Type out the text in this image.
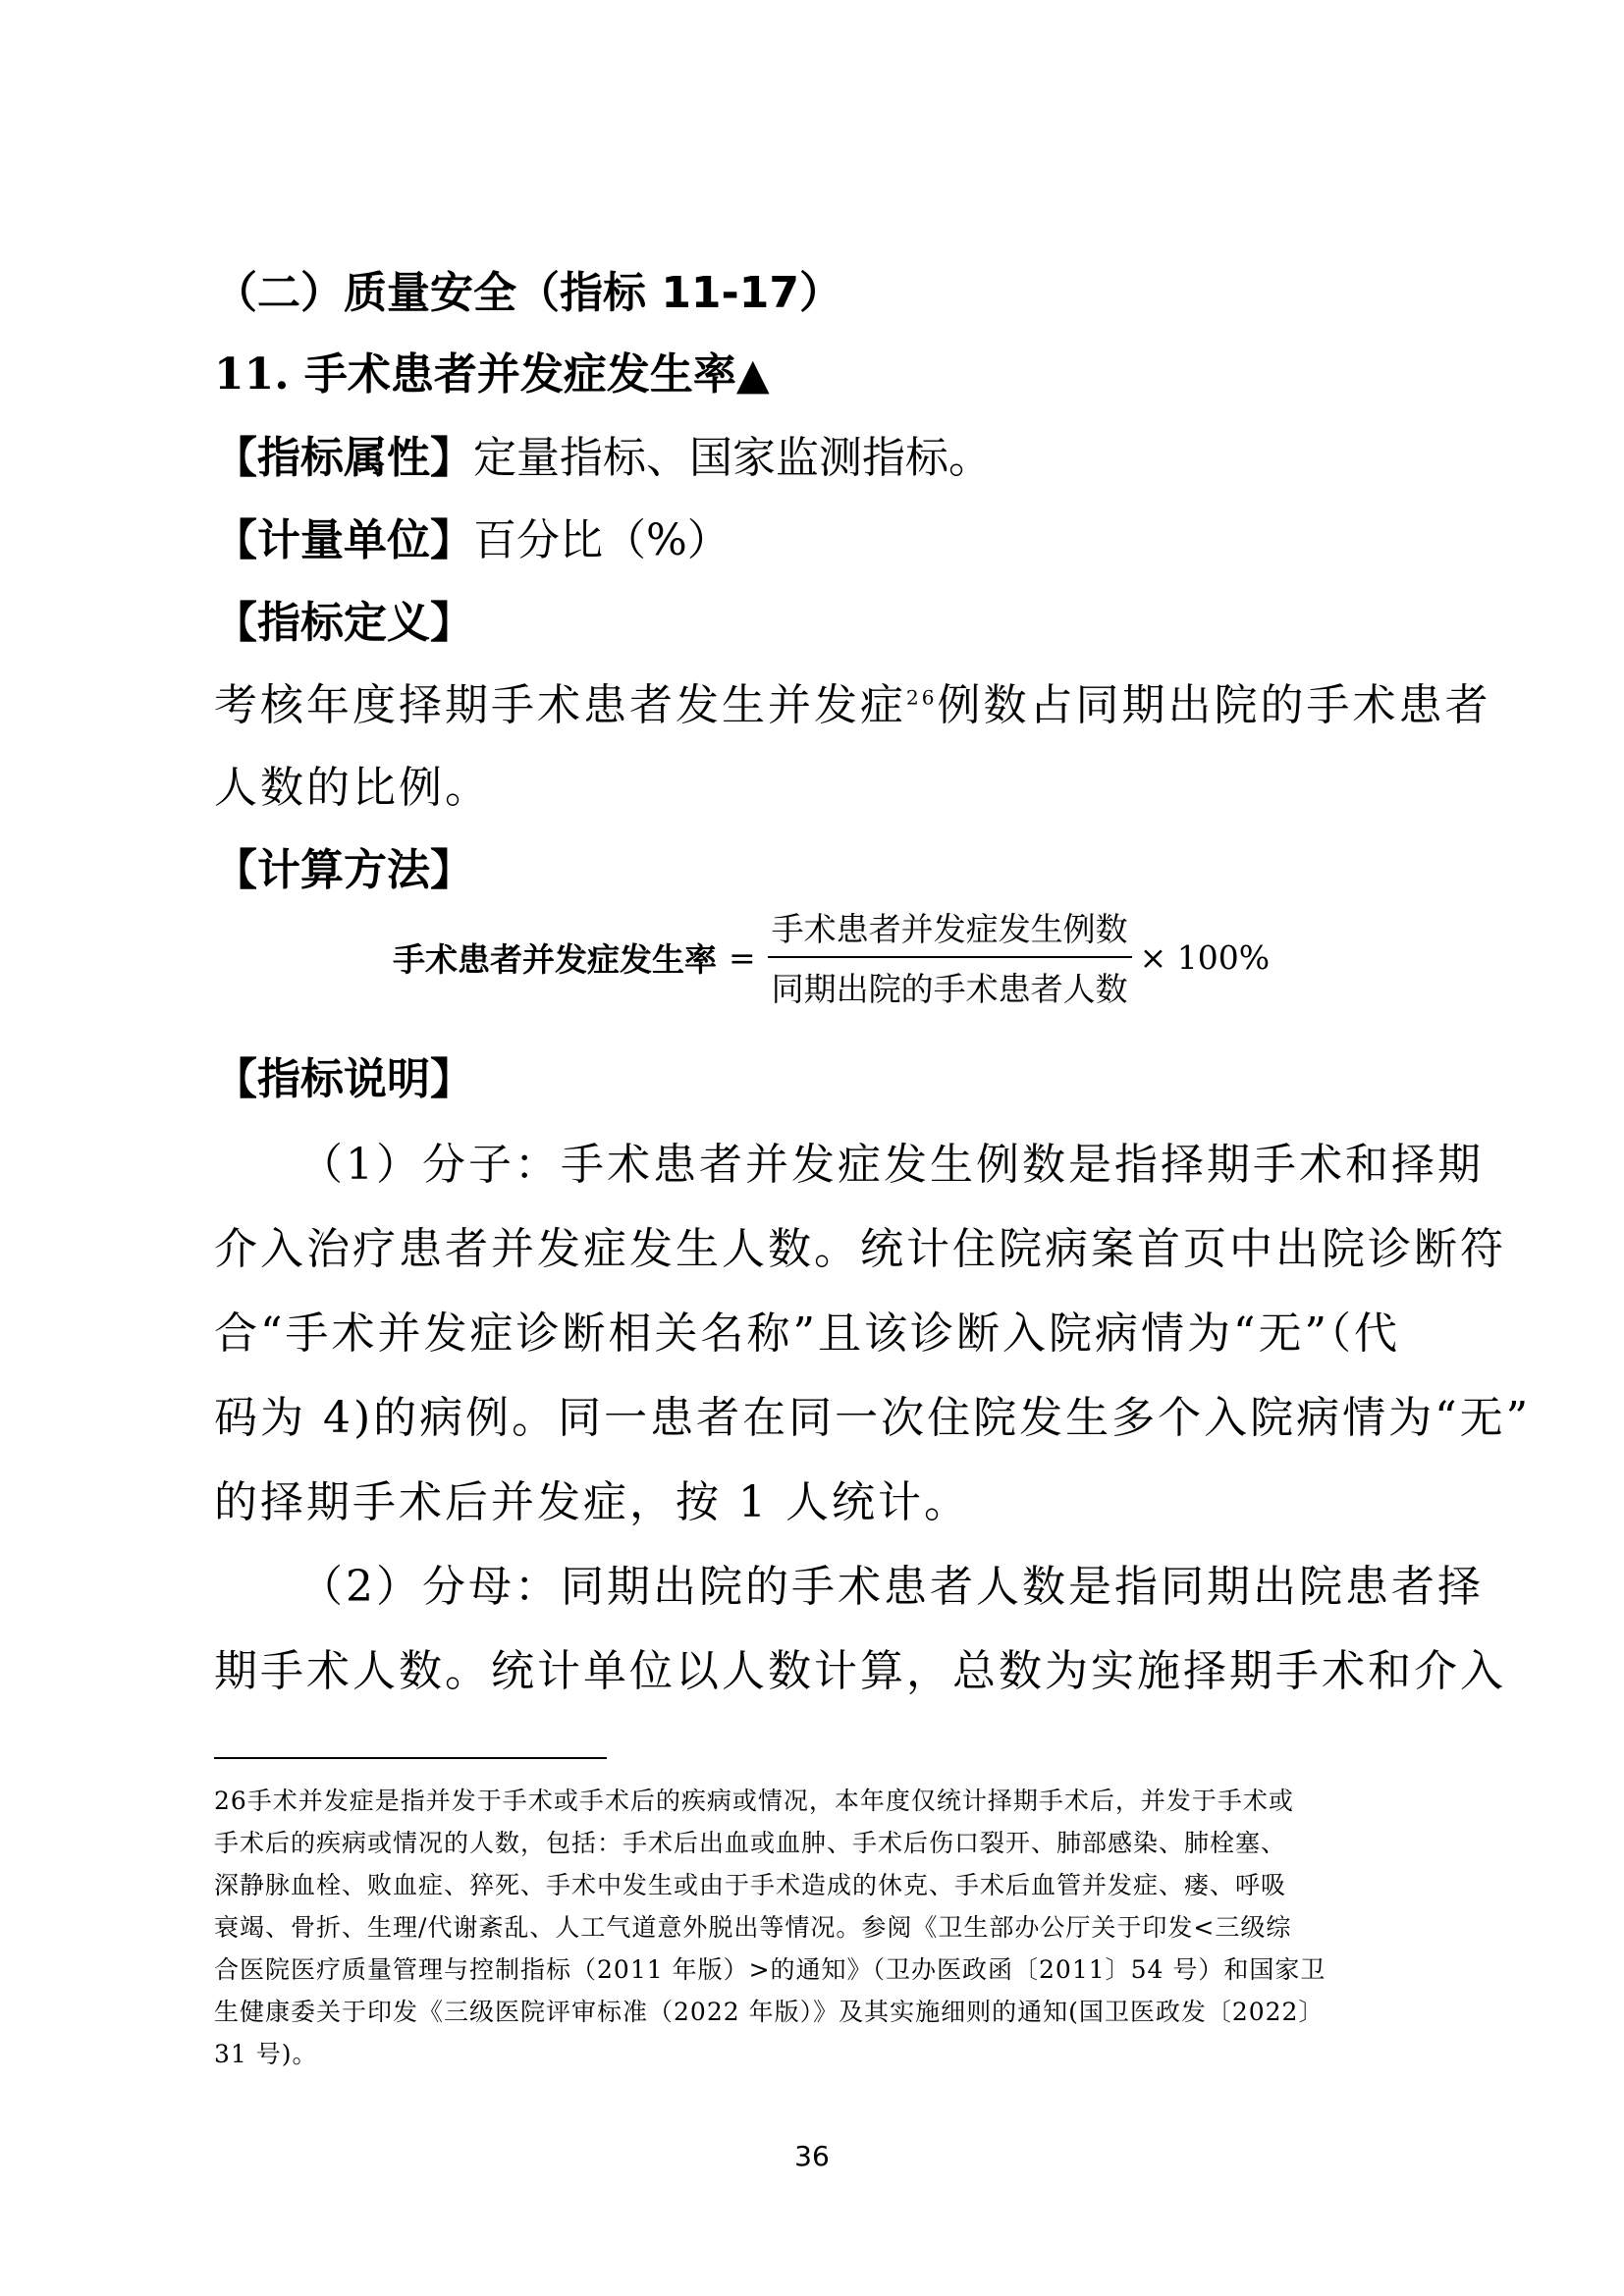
（二）质量安全（指标 11-17）
11. 手术患者并发症发生率▲
【指标属性】定量指标、国家监测指标。
【计量单位】百分比（%）
【指标定义】
考核年度择期手术患者发生并发症$^{26}$例数占同期出院的手术患者
人数的比例。
【计算方法】
手术患者并发症发生率 = $\frac{\text{手术患者并发症发生例数}}{\text{同期出院的手术患者人数}} \times 100\%$
【指标说明】
（1）分子：手术患者并发症发生例数是指择期手术和择期
介入治疗患者并发症发生人数。统计住院病案首页中出院诊断符
合“手术并发症诊断相关名称”且该诊断入院病情为“无”（代
码为 4)的病例。同一患者在同一次住院发生多个入院病情为“无”
的择期手术后并发症，按 1 人统计。
（2）分母：同期出院的手术患者人数是指同期出院患者择
期手术人数。统计单位以人数计算，总数为实施择期手术和介入
26手术并发症是指并发于手术或手术后的疾病或情况，本年度仅统计择期手术后，并发于手术或
手术后的疾病或情况的人数，包括：手术后出血或血肿、手术后伤口裂开、肺部感染、肺栓塞、
深静脉血栓、败血症、猝死、手术中发生或由于手术造成的休克、手术后血管并发症、瘘、呼吸
衰竭、骨折、生理/代谢紊乱、人工气道意外脱出等情况。参阅《卫生部办公厅关于印发<三级综
合医院医疗质量管理与控制指标（2011 年版）>的通知》（卫办医政函〔2011〕54 号）和国家卫
生健康委关于印发《三级医院评审标准（2022 年版）》及其实施细则的通知(国卫医政发〔2022〕
31 号)。
36
